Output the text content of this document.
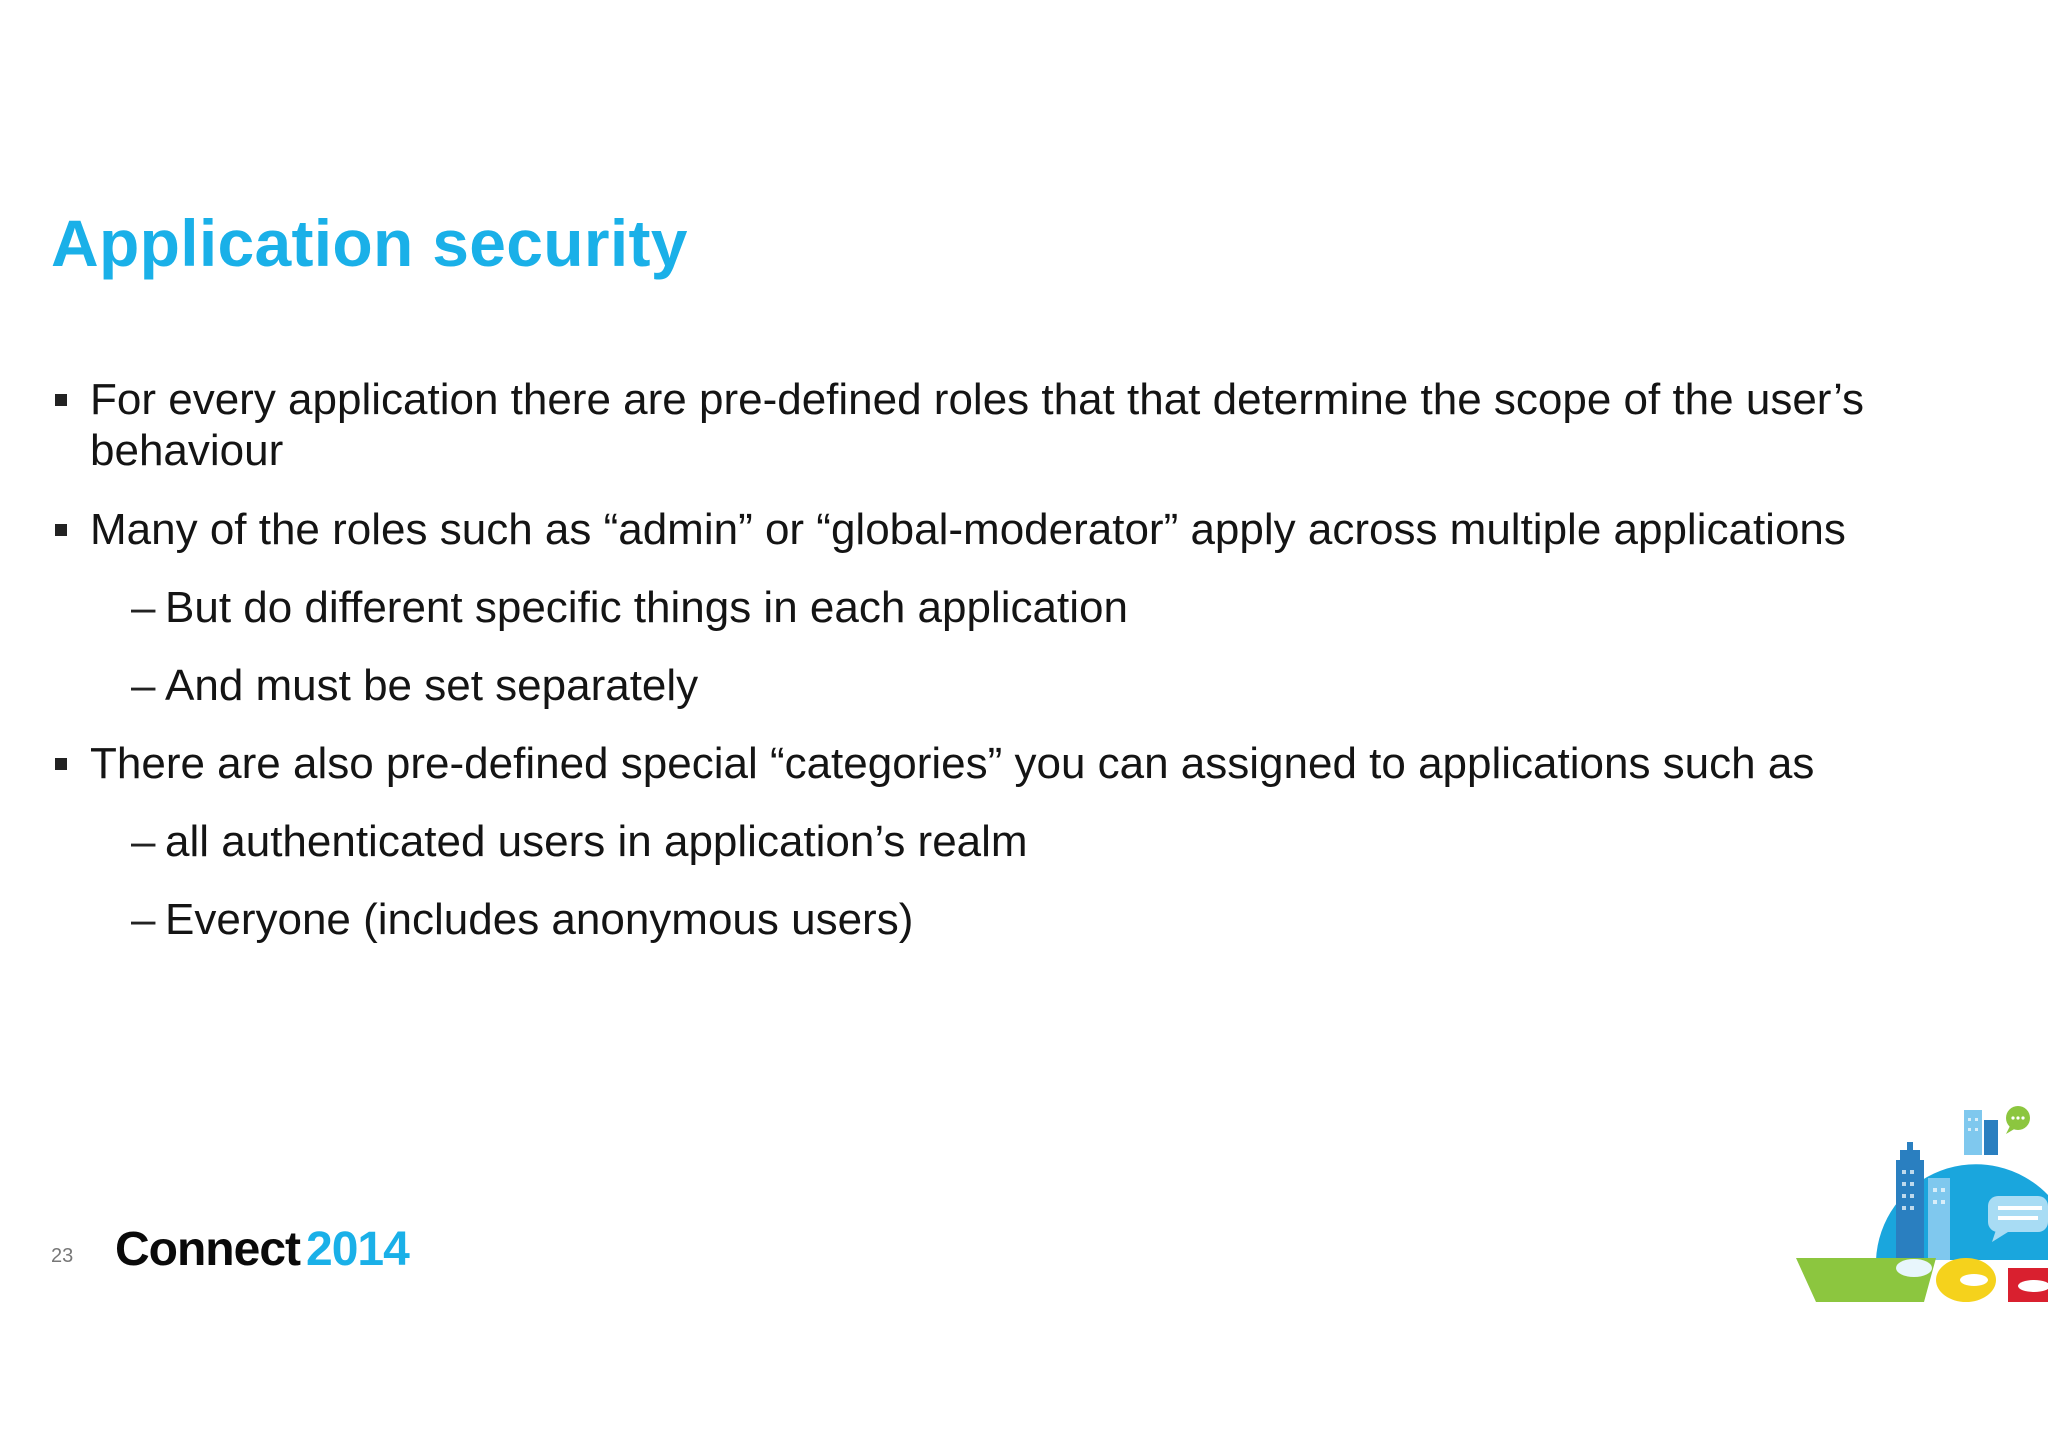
Application security
For every application there are pre-defined roles that that determine the scope of the user’s behaviour
Many of the roles such as “admin” or “global-moderator” apply across multiple applications
– But do different specific things in each application
– And must be set separately
There are also pre-defined special “categories” you can assigned to applications such as
– all authenticated users in application’s realm
– Everyone (includes anonymous users)
23 Connect 2014
